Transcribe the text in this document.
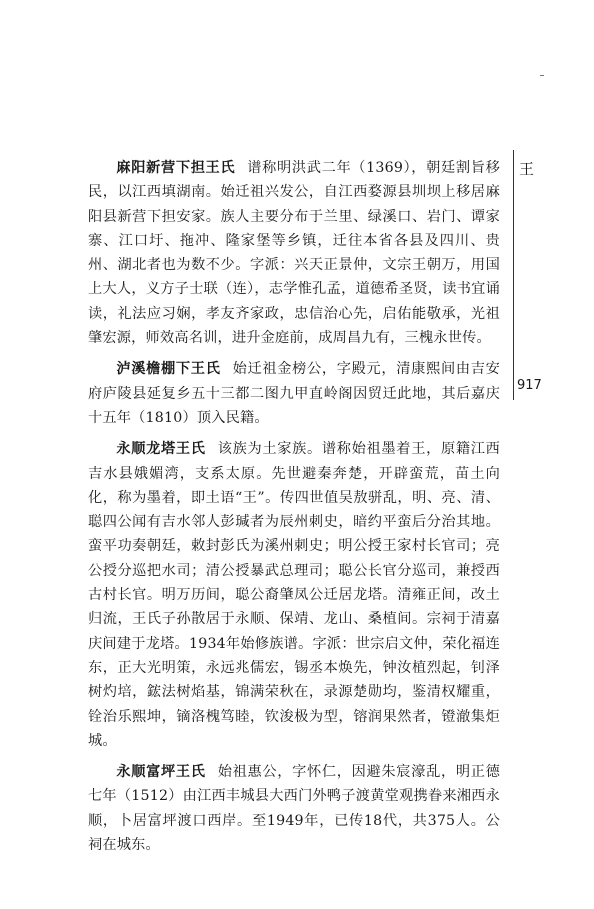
麻阳新营下担王氏 谱称明洪武二年（1369），朝廷割旨移民，以江西填湖南。始迁祖兴发公，自江西婺源县圳坝上移居麻阳县新营下担安家。族人主要分布于兰里、绿溪口、岩门、谭家寨、江口圩、拖冲、隆家堡等乡镇，迁往本省各县及四川、贵州、湖北者也为数不少。字派：兴天正景仲，文宗王朝万，用国上大人，义方子士联（连），志学惟孔孟，道德希圣贤，读书宜诵读，礼法应习娴，孝友齐家政，忠信治心先，启佑能敬承，光祖肇宏源，师效高名训，进升金庭前，成周昌九有，三槐永世传。

泸溪檐棚下王氏 始迁祖金榜公，字殿元，清康熙间由吉安府庐陵县延复乡五十三都二图九甲直岭阁因贸迁此地，其后嘉庆十五年（1810）顶入民籍。

永顺龙塔王氏 该族为土家族。谱称始祖墨着王，原籍江西吉水县娥媚湾，支系太原。先世避秦奔楚，开辟蛮荒，苗土向化，称为墨着，即土语“王”。传四世值吴敖骈乱，明、亮、清、聪四公闻有吉水邻人彭瑊者为辰州刺史，暗约平蛮后分治其地。蛮平功奏朝廷，敕封彭氏为溪州刺史；明公授王家村长官司；亮公授分巡把水司；清公授暴武总理司；聪公长官分巡司，兼授西古村长官。明万历间，聪公裔肇凤公迁居龙塔。清雍正间，改土归流，王氏子孙散居于永顺、保靖、龙山、桑植间。宗祠于清嘉庆间建于龙塔。1934年始修族谱。字派：世宗启文仲，荣化福连东，正大光明策，永远兆儒宏，锡丞本焕先，钟汝植烈起，钊泽树灼培，鋐法树焰基，锦满荣秋在，录源楚勋均，鉴清权耀重，铨治乐熙坤，镝洛槐笃睦，钦浚极为型，镕润果然者，镫澈集炬城。

永顺富坪王氏 始祖惠公，字怀仁，因避朱宸濠乱，明正德七年（1512）由江西丰城县大西门外鸭子渡黄堂观携眷来湘西永顺，卜居富坪渡口西岸。至1949年，已传18代，共375人。公祠在城东。

王
917
